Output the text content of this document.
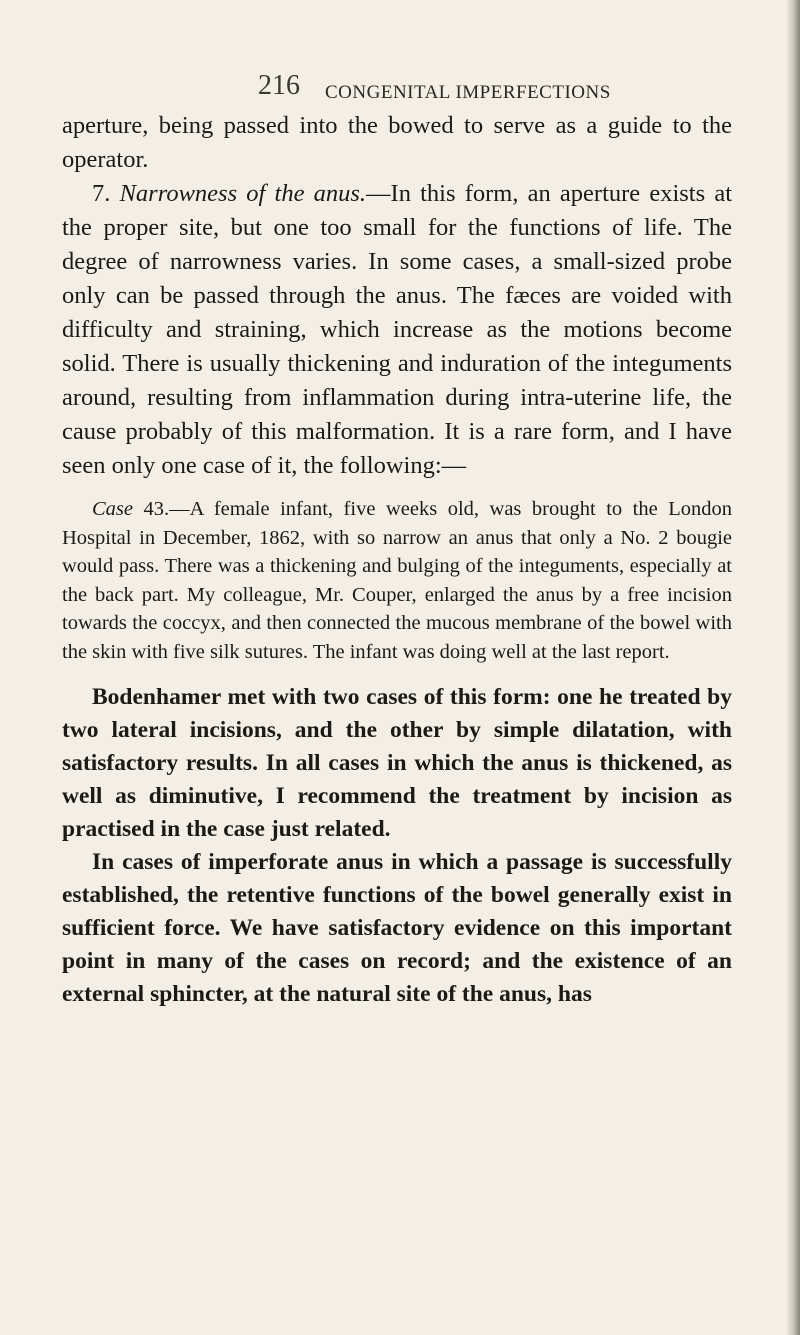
216 CONGENITAL IMPERFECTIONS

aperture, being passed into the bowed to serve as a guide to the operator.

7. Narrowness of the anus.—In this form, an aperture exists at the proper site, but one too small for the functions of life. The degree of narrowness varies. In some cases, a small-sized probe only can be passed through the anus. The fæces are voided with difficulty and straining, which increase as the motions become solid. There is usually thickening and induration of the integuments around, resulting from inflammation during intra-uterine life, the cause probably of this malformation. It is a rare form, and I have seen only one case of it, the following:—

Case 43.—A female infant, five weeks old, was brought to the London Hospital in December, 1862, with so narrow an anus that only a No. 2 bougie would pass. There was a thickening and bulging of the integuments, especially at the back part. My colleague, Mr. Couper, enlarged the anus by a free incision towards the coccyx, and then connected the mucous membrane of the bowel with the skin with five silk sutures. The infant was doing well at the last report.

Bodenhamer met with two cases of this form: one he treated by two lateral incisions, and the other by simple dilatation, with satisfactory results. In all cases in which the anus is thickened, as well as diminutive, I recommend the treatment by incision as practised in the case just related.

In cases of imperforate anus in which a passage is successfully established, the retentive functions of the bowel generally exist in sufficient force. We have satisfactory evidence on this important point in many of the cases on record; and the existence of an external sphincter, at the natural site of the anus, has
